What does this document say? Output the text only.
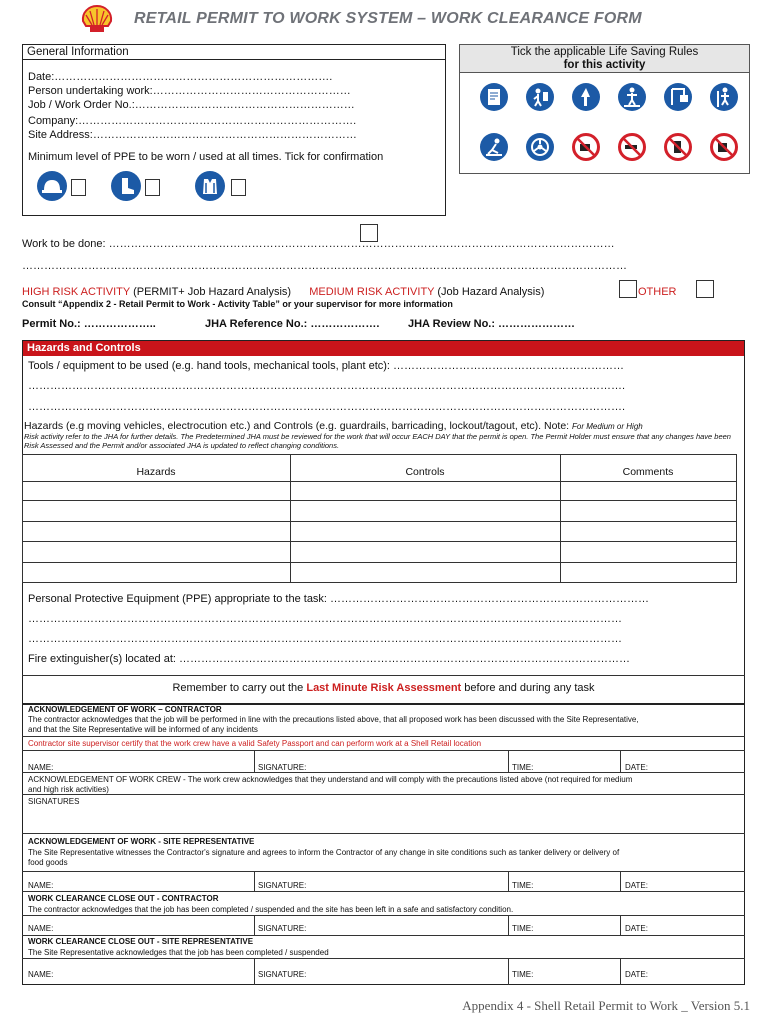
RETAIL PERMIT TO WORK SYSTEM – WORK CLEARANCE FORM
General Information
Date:………………………………………………………………….
Person undertaking work:………………………………………………
Job / Work Order No.:……………………………………………………
Company:………………………………………………………………….
Site Address:………………………………………………………………
Minimum level of PPE to be worn / used at all times. Tick for confirmation
Tick the applicable Life Saving Rules
for this activity
Work to be done: …………………………………………………………………………………………………………………………
…………………………………………………………………………………………………………………………………………………
HIGH RISK ACTIVITY (PERMIT+ Job Hazard Analysis) MEDIUM RISK ACTIVITY (Job Hazard Analysis)	OTHER
Consult “Appendix 2 - Retail Permit to Work - Activity Table” or your supervisor for more information
Permit No.: ………………..	JHA Reference No.: ……………….	JHA Review No.: …………………
Hazards and Controls
Tools / equipment to be used (e.g. hand tools, mechanical tools, plant etc): ………………………………………………………
……………………………………………………………………………………………………………………………………………….
……………………………………………………………………………………………………………………………………………….
Hazards (e.g moving vehicles, electrocution etc.) and Controls (e.g. guardrails, barricading, lockout/tagout, etc). Note: For Medium or High
Risk activity refer to the JHA for further details. The Predetermined JHA must be reviewed for the work that will occur EACH DAY that the permit is open. The Permit Holder must ensure that any changes have been Risk Assessed and the Permit and/or associated JHA is updated to reflect changing conditions.
Hazards	Controls	Comments
Personal Protective Equipment (PPE) appropriate to the task: ……………………………………………………………………………
………………………………………………………………………………………………………………………………………………
………………………………………………………………………………………………………………………………………………
Fire extinguisher(s) located at: ……………………………………………………………………………………………………………
Remember to carry out the Last Minute Risk Assessment before and during any task
ACKNOWLEDGEMENT OF WORK – CONTRACTOR
The contractor acknowledges that the job will be performed in line with the precautions listed above, that all proposed work has been discussed with the Site Representative,
and that the Site Representative will be informed of any incidents
Contractor site supervisor certify that the work crew have a valid Safety Passport and can perform work at a Shell Retail location
NAME:	SIGNATURE:	TIME:	DATE:
ACKNOWLEDGEMENT OF WORK CREW - The work crew acknowledges that they understand and will comply with the precautions listed above (not required for medium
and high risk activities)
SIGNATURES
ACKNOWLEDGEMENT OF WORK - SITE REPRESENTATIVE
The Site Representative witnesses the Contractor's signature and agrees to inform the Contractor of any change in site conditions such as tanker delivery or delivery of
food goods
NAME:	SIGNATURE:	TIME:	DATE:
WORK CLEARANCE CLOSE OUT - CONTRACTOR
The contractor acknowledges that the job has been completed / suspended and the site has been left in a safe and satisfactory condition.
NAME:	SIGNATURE:	TIME:	DATE:
WORK CLEARANCE CLOSE OUT - SITE REPRESENTATIVE
The Site Representative acknowledges that the job has been completed / suspended
NAME:	SIGNATURE:	TIME:	DATE:
Appendix 4 - Shell Retail Permit to Work _ Version 5.1
